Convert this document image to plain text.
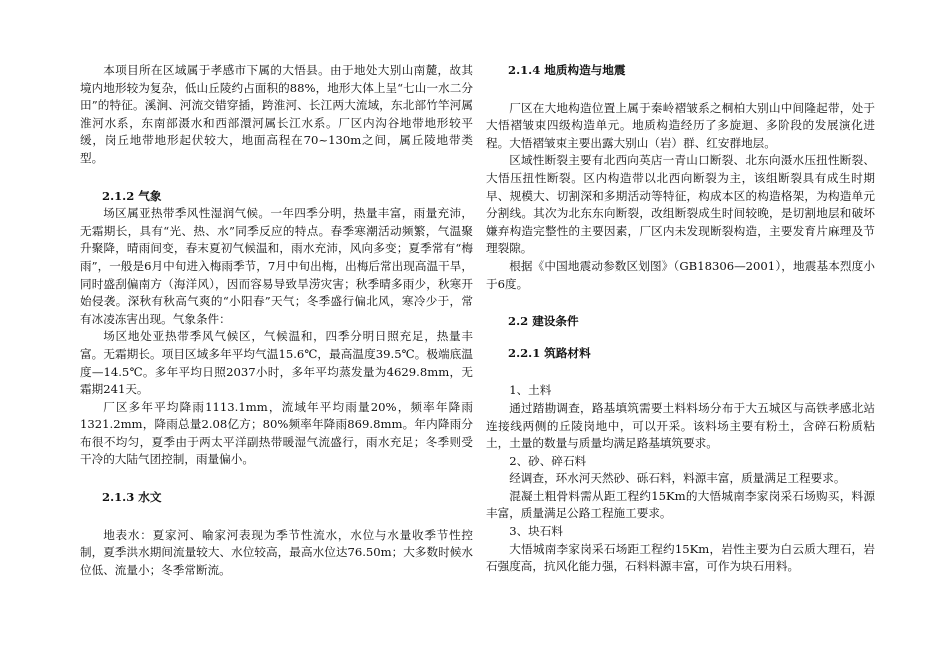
本项目所在区域属于孝感市下属的大悟县。由于地处大别山南麓，故其境内地形较为复杂，低山丘陵约占面积的88%，地形大体上呈“七山一水二分田”的特征。溪涧、河流交错穿插，跨淮河、长江两大流域，东北部竹竿河属淮河水系，东南部滠水和西部澴河属长江水系。厂区内沟谷地带地形较平缓，岗丘地带地形起伏较大，地面高程在70~130m之间，属丘陵地带类型。

2.1.2 气象

场区属亚热带季风性湿润气候。一年四季分明，热量丰富，雨量充沛，无霜期长，具有“光、热、水”同季反应的特点。春季寒潮活动频繁，气温聚升聚降，晴雨间变，春末夏初气候温和，雨水充沛，风向多变；夏季常有“梅雨”，一般是6月中旬进入梅雨季节，7月中旬出梅，出梅后常出现高温干旱，同时盛刮偏南方（海洋风），因而容易导致旱涝灾害；秋季晴多雨少，秋寒开始侵袭。深秋有秋高气爽的“小阳春”天气；冬季盛行偏北风，寒冷少于，常有冰凌冻害出现。气象条件：

场区地处亚热带季风气候区，气候温和，四季分明日照充足，热量丰富。无霜期长。项目区域多年平均气温15.6℃，最高温度39.5℃。极端底温度—14.5℃。多年平均日照2037小时，多年平均蒸发量为4629.8mm，无霜期241天。

厂区多年平均降雨1113.1mm，流域年平均雨量20%，频率年降雨1321.2mm，降雨总量2.08亿方；80%频率年降雨869.8mm。年内降雨分布很不均匀，夏季由于两太平洋副热带暖湿气流盛行，雨水充足；冬季则受干冷的大陆气团控制，雨量偏小。

2.1.3 水文

地表水：夏家河、喻家河表现为季节性流水，水位与水量收季节性控制，夏季洪水期间流量较大、水位较高，最高水位达76.50m；大多数时候水位低、流量小；冬季常断流。

2.1.4 地质构造与地震

厂区在大地构造位置上属于秦岭褶皱系之桐柏大别山中间隆起带，处于大悟褶皱束四级构造单元。地质构造经历了多旋迴、多阶段的发展演化进程。大悟褶皱束主要出露大别山（岩）群、红安群地层。

区域性断裂主要有北西向英店一青山口断裂、北东向滠水压扭性断裂、大悟压扭性断裂。区内构造带以北西向断裂为主，该组断裂具有成生时期早、规模大、切割深和多期活动等特征，构成本区的构造格架，为构造单元分割线。其次为北东东向断裂，改组断裂成生时间较晚，是切割地层和破坏嫌弃构造完整性的主要因素，厂区内未发现断裂构造，主要发育片麻理及节理裂隙。

根据《中国地震动参数区划图》（GB18306—2001），地震基本烈度小于6度。

2.2 建设条件
2.2.1 筑路材料

1、土料

通过踏勘调查，路基填筑需要土料料场分布于大五城区与高铁孝感北站连接线两侧的丘陵岗地中，可以开采。该料场主要有粉土，含碎石粉质粘土，土量的数量与质量均满足路基填筑要求。

2、砂、碎石料

经调查，环水河天然砂、砾石料，料源丰富，质量满足工程要求。

混凝土粗骨料需从距工程约15Km的大悟城南李家岗采石场购买，料源丰富，质量满足公路工程施工要求。

3、块石料

大悟城南李家岗采石场距工程约15Km，岩性主要为白云质大理石，岩石强度高，抗风化能力强，石料料源丰富，可作为块石用料。
